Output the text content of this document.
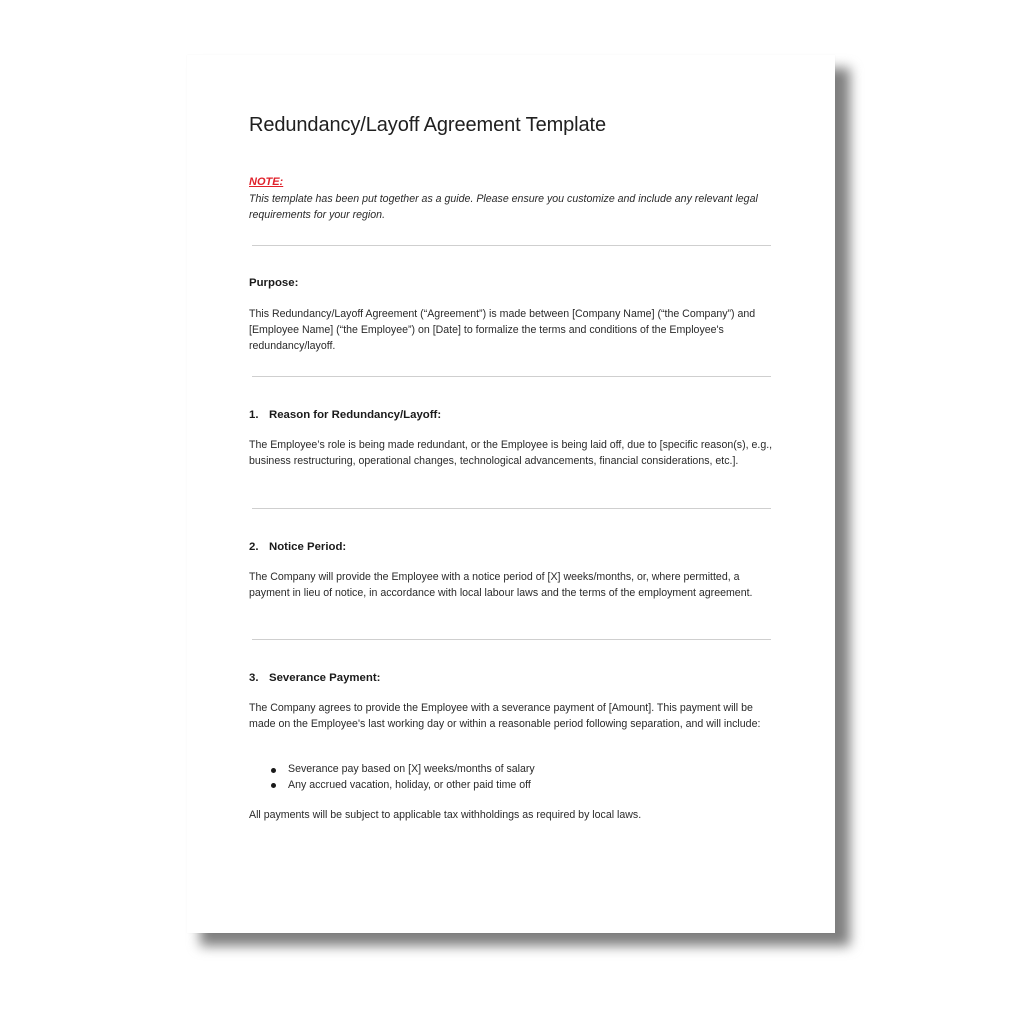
Redundancy/Layoff Agreement Template
NOTE:
This template has been put together as a guide. Please ensure you customize and include any relevant legal requirements for your region.
Purpose:
This Redundancy/Layoff Agreement (“Agreement”) is made between [Company Name] (“the Company”) and [Employee Name] (“the Employee”) on [Date] to formalize the terms and conditions of the Employee's redundancy/layoff.
1. Reason for Redundancy/Layoff:
The Employee’s role is being made redundant, or the Employee is being laid off, due to [specific reason(s), e.g., business restructuring, operational changes, technological advancements, financial considerations, etc.].
2. Notice Period:
The Company will provide the Employee with a notice period of [X] weeks/months, or, where permitted, a payment in lieu of notice, in accordance with local labour laws and the terms of the employment agreement.
3. Severance Payment:
The Company agrees to provide the Employee with a severance payment of [Amount]. This payment will be made on the Employee's last working day or within a reasonable period following separation, and will include:
Severance pay based on [X] weeks/months of salary
Any accrued vacation, holiday, or other paid time off
All payments will be subject to applicable tax withholdings as required by local laws.
